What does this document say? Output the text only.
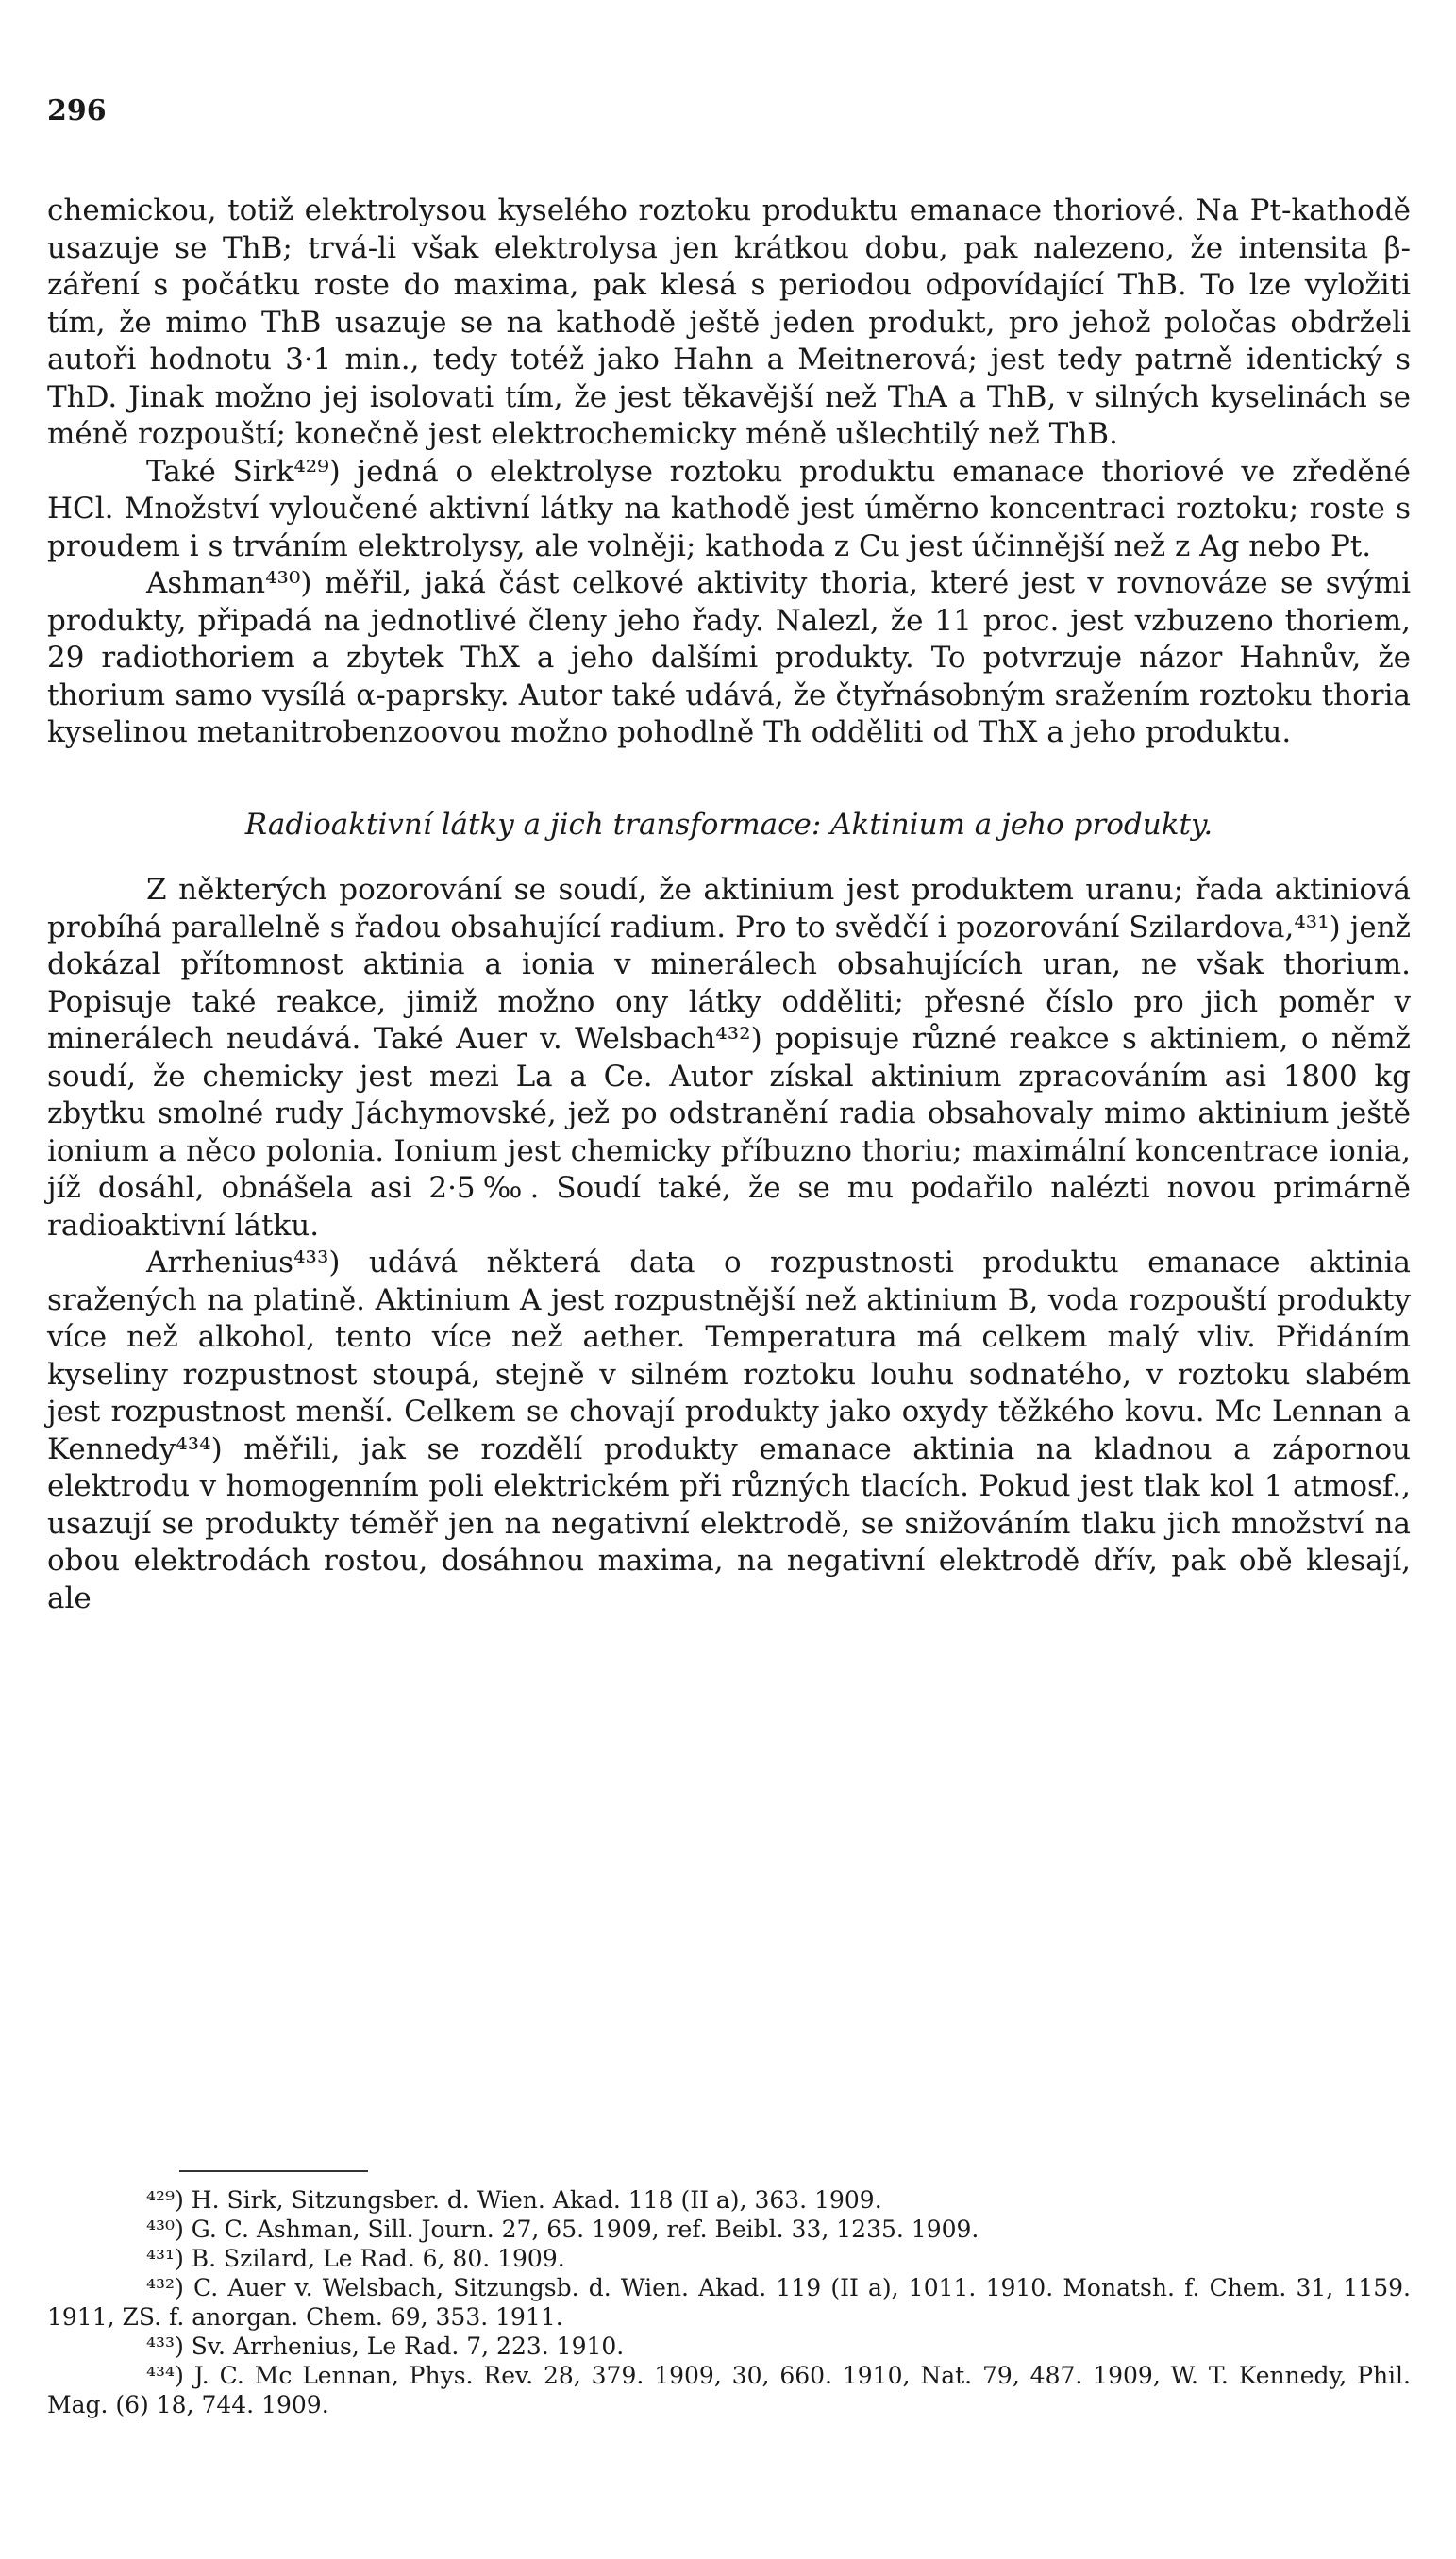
296

chemickou, totiž elektrolysou kyselého roztoku produktu emanace thoriové. Na Pt-kathodě usazuje se ThB; trvá-li však elektrolysa jen krátkou dobu, pak nalezeno, že intensita β-záření s počátku roste do maxima, pak klesá s periodou odpovídající ThB. To lze vyložiti tím, že mimo ThB usazuje se na kathodě ještě jeden produkt, pro jehož poločas obdrželi autoři hodnotu 3·1 min., tedy totéž jako Hahn a Meitnerová; jest tedy patrně identický s ThD. Jinak možno jej isolovati tím, že jest těkavější než ThA a ThB, v silných kyselinách se méně rozpouští; konečně jest elektrochemicky méně ušlechtilý než ThB.

Také Sirk⁴²⁹) jedná o elektrolyse roztoku produktu emanace thoriové ve zředěné HCl. Množství vyloučené aktivní látky na kathodě jest úměrno koncentraci roztoku; roste s proudem i s trváním elektrolysy, ale volněji; kathoda z Cu jest účinnější než z Ag nebo Pt.

Ashman⁴³⁰) měřil, jaká část celkové aktivity thoria, které jest v rovnováze se svými produkty, připadá na jednotlivé členy jeho řady. Nalezl, že 11 proc. jest vzbuzeno thoriem, 29 radiothoriem a zbytek ThX a jeho dalšími produkty. To potvrzuje názor Hahnův, že thorium samo vysílá α-paprsky. Autor také udává, že čtyřnásobným sražením roztoku thoria kyselinou metanitrobenzoovou možno pohodlně Th odděliti od ThX a jeho produktu.

Radioaktivní látky a jich transformace: Aktinium a jeho produkty.

Z některých pozorování se soudí, že aktinium jest produktem uranu; řada aktiniová probíhá parallelně s řadou obsahující radium. Pro to svědčí i pozorování Szilardova,⁴³¹) jenž dokázal přítomnost aktinia a ionia v minerálech obsahujících uran, ne však thorium. Popisuje také reakce, jimiž možno ony látky odděliti; přesné číslo pro jich poměr v minerálech neudává. Také Auer v. Welsbach⁴³²) popisuje různé reakce s aktiniem, o němž soudí, že chemicky jest mezi La a Ce. Autor získal aktinium zpracováním asi 1800 kg zbytku smolné rudy Jáchymovské, jež po odstranění radia obsahovaly mimo aktinium ještě ionium a něco polonia. Ionium jest chemicky příbuzno thoriu; maximální koncentrace ionia, jíž dosáhl, obnášela asi 2·5‰. Soudí také, že se mu podařilo nalézti novou primárně radioaktivní látku.

Arrhenius⁴³³) udává některá data o rozpustnosti produktu emanace aktinia sražených na platině. Aktinium A jest rozpustnější než aktinium B, voda rozpouští produkty více než alkohol, tento více než aether. Temperatura má celkem malý vliv. Přidáním kyseliny rozpustnost stoupá, stejně v silném roztoku louhu sodnatého, v roztoku slabém jest rozpustnost menší. Celkem se chovají produkty jako oxydy těžkého kovu. Mc Lennan a Kennedy⁴³⁴) měřili, jak se rozdělí produkty emanace aktinia na kladnou a zápornou elektrodu v homogenním poli elektrickém při různých tlacích. Pokud jest tlak kol 1 atmosf., usazují se produkty téměř jen na negativní elektrodě, se snižováním tlaku jich množství na obou elektrodách rostou, dosáhnou maxima, na negativní elektrodě dřív, pak obě klesají, ale

⁴²⁹) H. Sirk, Sitzungsber. d. Wien. Akad. 118 (II a), 363. 1909.

⁴³⁰) G. C. Ashman, Sill. Journ. 27, 65. 1909, ref. Beibl. 33, 1235. 1909.

⁴³¹) B. Szilard, Le Rad. 6, 80. 1909.

⁴³²) C. Auer v. Welsbach, Sitzungsb. d. Wien. Akad. 119 (II a), 1011. 1910. Monatsh. f. Chem. 31, 1159. 1911, ZS. f. anorgan. Chem. 69, 353. 1911.

⁴³³) Sv. Arrhenius, Le Rad. 7, 223. 1910.

⁴³⁴) J. C. Mc Lennan, Phys. Rev. 28, 379. 1909, 30, 660. 1910, Nat. 79, 487. 1909, W. T. Kennedy, Phil. Mag. (6) 18, 744. 1909.
